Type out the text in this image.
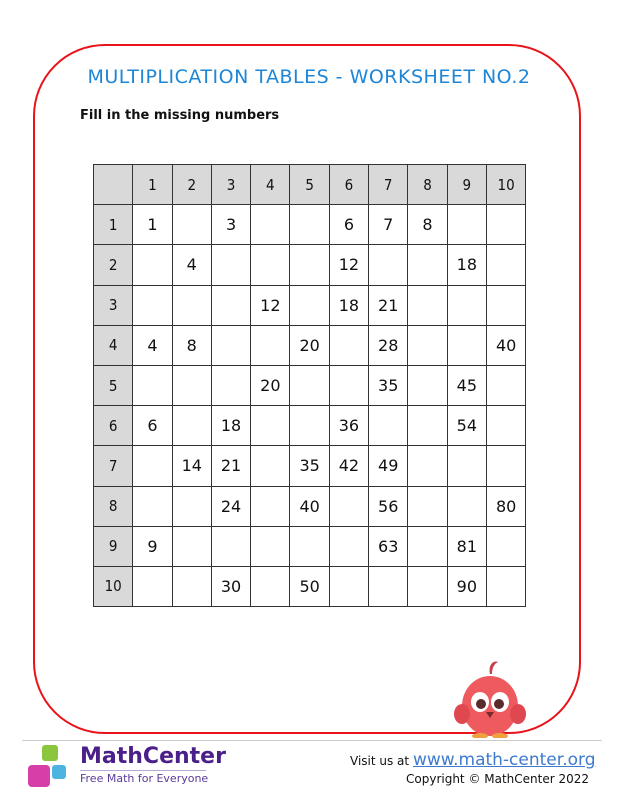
MULTIPLICATION TABLES - WORKSHEET NO.2
Fill in the missing numbers
	1	2	3	4	5	6	7	8	9	10
1	1		3			6	7	8		
2		4				12			18	
3				12		18	21			
4	4	8			20		28			40
5				20			35		45	
6	6		18			36			54	
7		14	21		35	42	49			
8			24		40		56			80
9	9						63		81	
10			30		50				90	
MathCenter
Free Math for Everyone
Visit us at www.math-center.org
Copyright © MathCenter 2022
